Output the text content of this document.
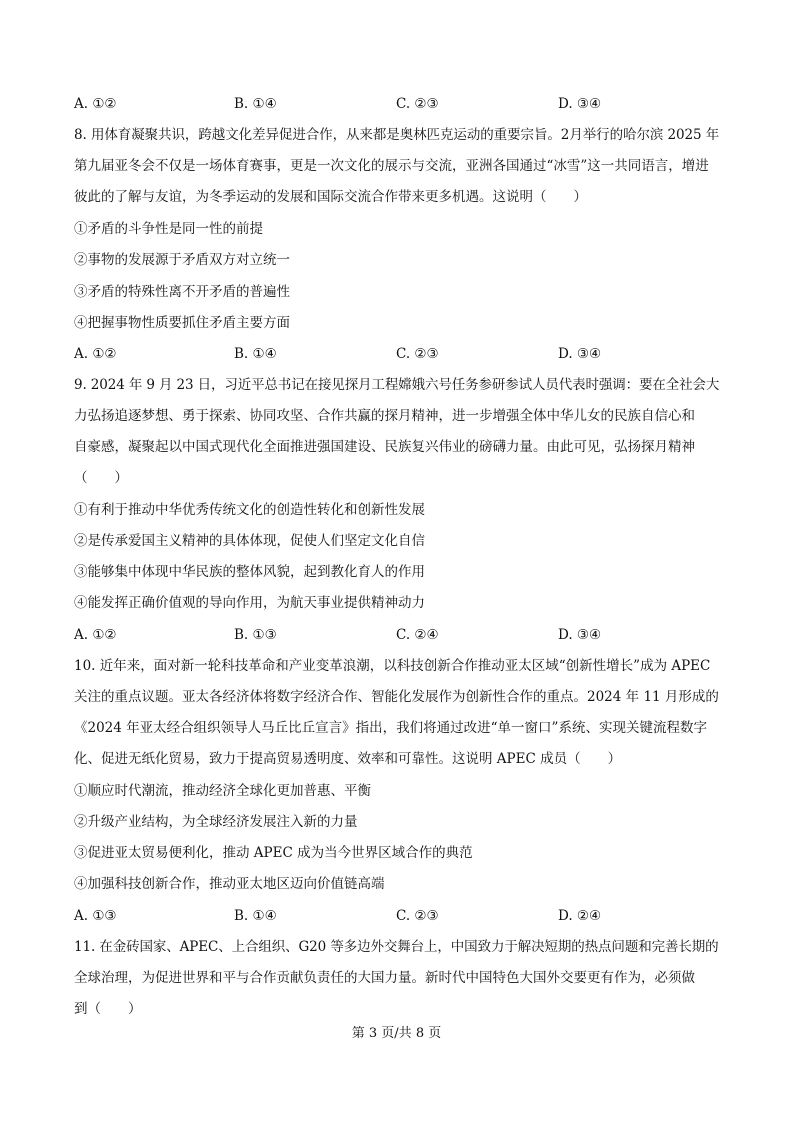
A. ①②	B. ①④	C. ②③	D. ③④
8. 用体育凝聚共识，跨越文化差异促进合作，从来都是奥林匹克运动的重要宗旨。2月举行的哈尔滨 2025 年
第九届亚冬会不仅是一场体育赛事，更是一次文化的展示与交流，亚洲各国通过“冰雪”这一共同语言，增进
彼此的了解与友谊，为冬季运动的发展和国际交流合作带来更多机遇。这说明（　　）
①矛盾的斗争性是同一性的前提
②事物的发展源于矛盾双方对立统一
③矛盾的特殊性离不开矛盾的普遍性
④把握事物性质要抓住矛盾主要方面
A. ①②	B. ①④	C. ②③	D. ③④
9. 2024 年 9 月 23 日，习近平总书记在接见探月工程嫦娥六号任务参研参试人员代表时强调：要在全社会大
力弘扬追逐梦想、勇于探索、协同攻坚、合作共赢的探月精神，进一步增强全体中华儿女的民族自信心和
自豪感，凝聚起以中国式现代化全面推进强国建设、民族复兴伟业的磅礴力量。由此可见，弘扬探月精神
（　　）
①有利于推动中华优秀传统文化的创造性转化和创新性发展
②是传承爱国主义精神的具体体现，促使人们坚定文化自信
③能够集中体现中华民族的整体风貌，起到教化育人的作用
④能发挥正确价值观的导向作用，为航天事业提供精神动力
A. ①②	B. ①③	C. ②④	D. ③④
10. 近年来，面对新一轮科技革命和产业变革浪潮，以科技创新合作推动亚太区域“创新性增长”成为 APEC
关注的重点议题。亚太各经济体将数字经济合作、智能化发展作为创新性合作的重点。2024 年 11 月形成的
《2024 年亚太经合组织领导人马丘比丘宣言》指出，我们将通过改进“单一窗口”系统、实现关键流程数字
化、促进无纸化贸易，致力于提高贸易透明度、效率和可靠性。这说明 APEC 成员（　　）
①顺应时代潮流，推动经济全球化更加普惠、平衡
②升级产业结构，为全球经济发展注入新的力量
③促进亚太贸易便利化，推动 APEC 成为当今世界区域合作的典范
④加强科技创新合作，推动亚太地区迈向价值链高端
A. ①③	B. ①④	C. ②③	D. ②④
11. 在金砖国家、APEC、上合组织、G20 等多边外交舞台上，中国致力于解决短期的热点问题和完善长期的
全球治理，为促进世界和平与合作贡献负责任的大国力量。新时代中国特色大国外交要更有作为，必须做
到（　　）
第 3 页/共 8 页
